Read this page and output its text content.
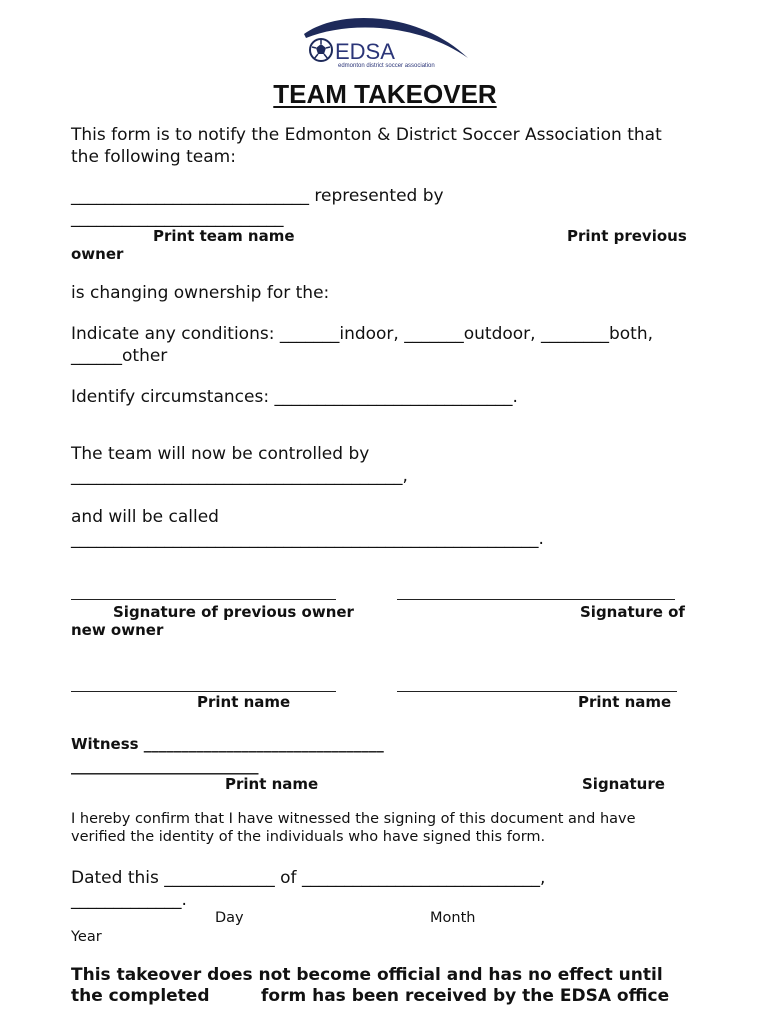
EDSA
edmonton district soccer association
TEAM TAKEOVER
This form is to notify the Edmonton & District Soccer Association that
the following team:
____________________________ represented by
_________________________
Print team name	Print previous
owner
is changing ownership for the:
Indicate any conditions: _______indoor, _______outdoor, ________both,
______other
Identify circumstances: ____________________________.
The team will now be controlled by
_______________________________________,
and will be called
_______________________________________________________.
Signature of previous owner	Signature of
new owner
Print name	Print name
Witness ________________________________
_________________________
Print name	Signature
I hereby confirm that I have witnessed the signing of this document and have
verified the identity of the individuals who have signed this form.
Dated this _____________ of ____________________________,
_____________.
Day	Month
Year
This takeover does not become official and has no effect until
the completed	form has been received by the EDSA office
